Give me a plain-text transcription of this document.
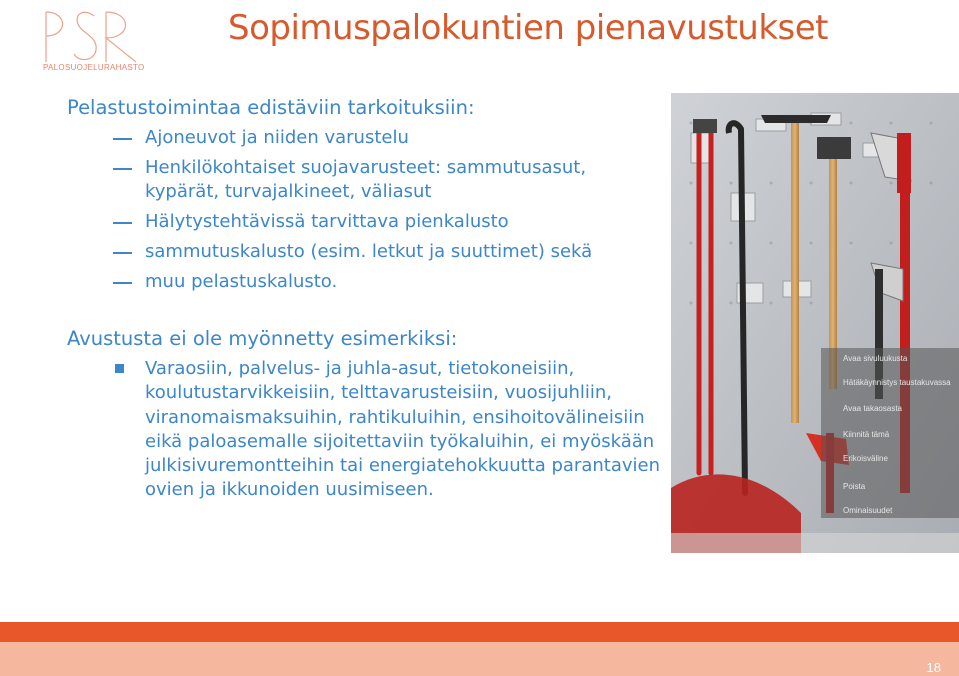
PALOSUOJELURAHASTO
Sopimuspalokuntien pienavustukset
Pelastustoimintaa edistäviin tarkoituksiin:
Ajoneuvot ja niiden varustelu
Henkilökohtaiset suojavarusteet: sammutusasut, kypärät, turvajalkineet, väliasut
Hälytystehtävissä tarvittava pienkalusto
sammutuskalusto (esim. letkut ja suuttimet) sekä
muu pelastuskalusto.
Avustusta ei ole myönnetty esimerkiksi:
Varaosiin, palvelus- ja juhla-asut, tietokoneisiin, koulutustarvikkeisiin, telttavarusteisiin, vuosijuhliin, viranomaismaksuihin, rahtikuluihin, ensihoitovälineisiin eikä paloasemalle sijoitettaviin työkaluihin, ei myöskään julkisivuremontteihin tai energiatehokkuutta parantavien ovien ja ikkunoiden uusimiseen.
Avaa sivuluukusta
Hätäkäynnistys taustakuvassa
Avaa takaosasta
Kiinnitä tämä
Erikoisväline
Poista
Ominaisuudet
18
